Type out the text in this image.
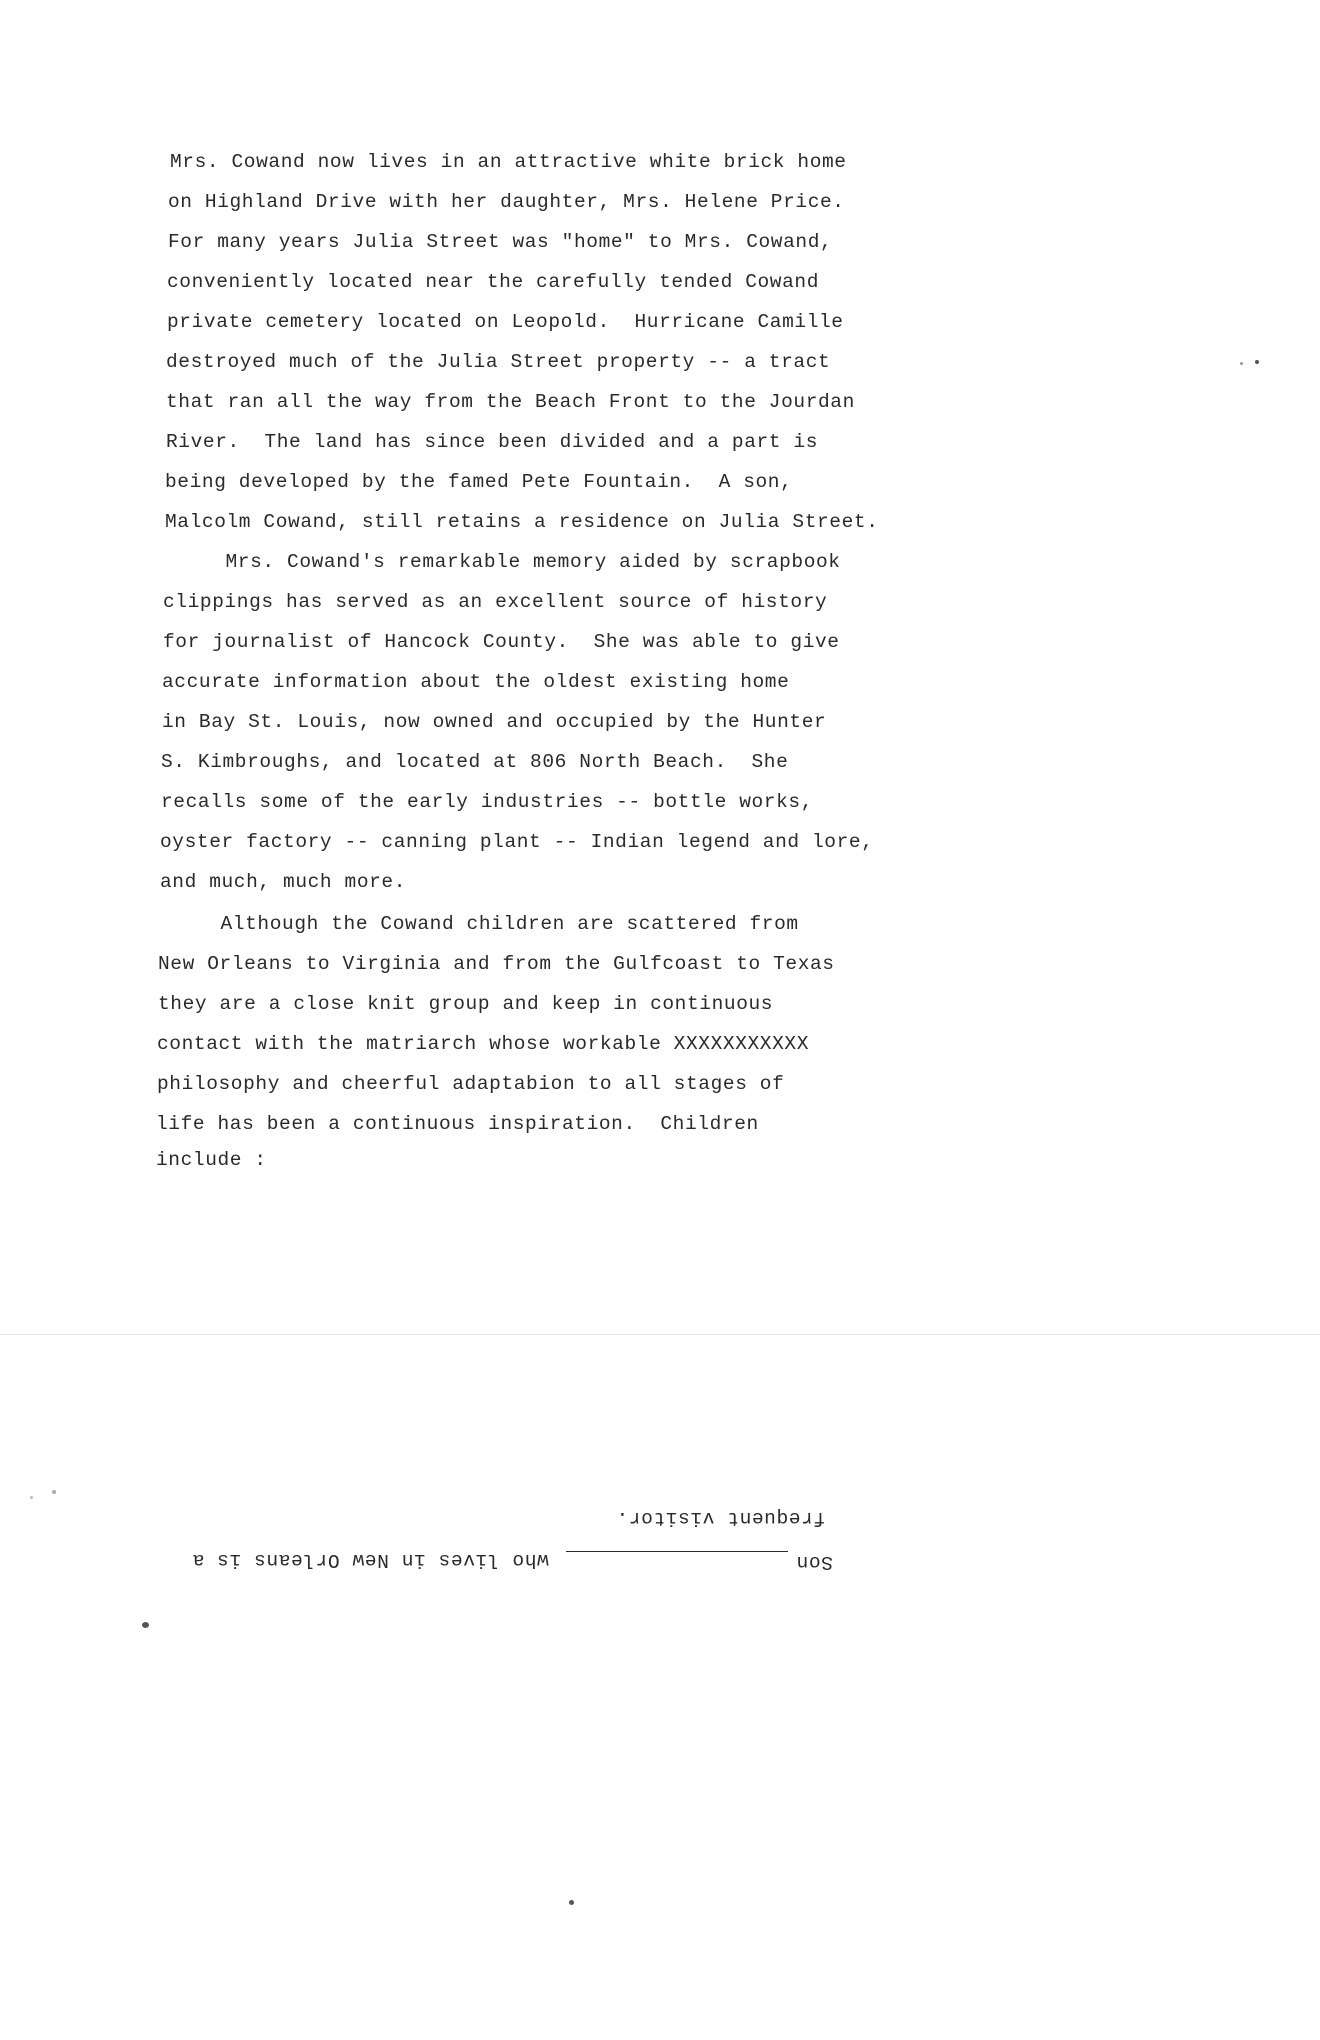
Mrs. Cowand now lives in an attractive white brick home
on Highland Drive with her daughter, Mrs. Helene Price.
For many years Julia Street was "home" to Mrs. Cowand,
conveniently located near the carefully tended Cowand
private cemetery located on Leopold.  Hurricane Camille
destroyed much of the Julia Street property -- a tract
that ran all the way from the Beach Front to the Jourdan
River.  The land has since been divided and a part is
being developed by the famed Pete Fountain.  A son,
Malcolm Cowand, still retains a residence on Julia Street.
Mrs. Cowand's remarkable memory aided by scrapbook
clippings has served as an excellent source of history
for journalist of Hancock County.  She was able to give
accurate information about the oldest existing home
in Bay St. Louis, now owned and occupied by the Hunter
S. Kimbroughs, and located at 806 North Beach.  She
recalls some of the early industries -- bottle works,
oyster factory -- canning plant -- Indian legend and lore,
and much, much more.
Although the Cowand children are scattered from
New Orleans to Virginia and from the Gulfcoast to Texas
they are a close knit group and keep in continuous
contact with the matriarch whose workable XXXXXXXXXXX
philosophy and cheerful adaptabion to all stages of
life has been a continuous inspiration.  Children
include :
frequent visitor.
Son
who lives in New Orleans is a
